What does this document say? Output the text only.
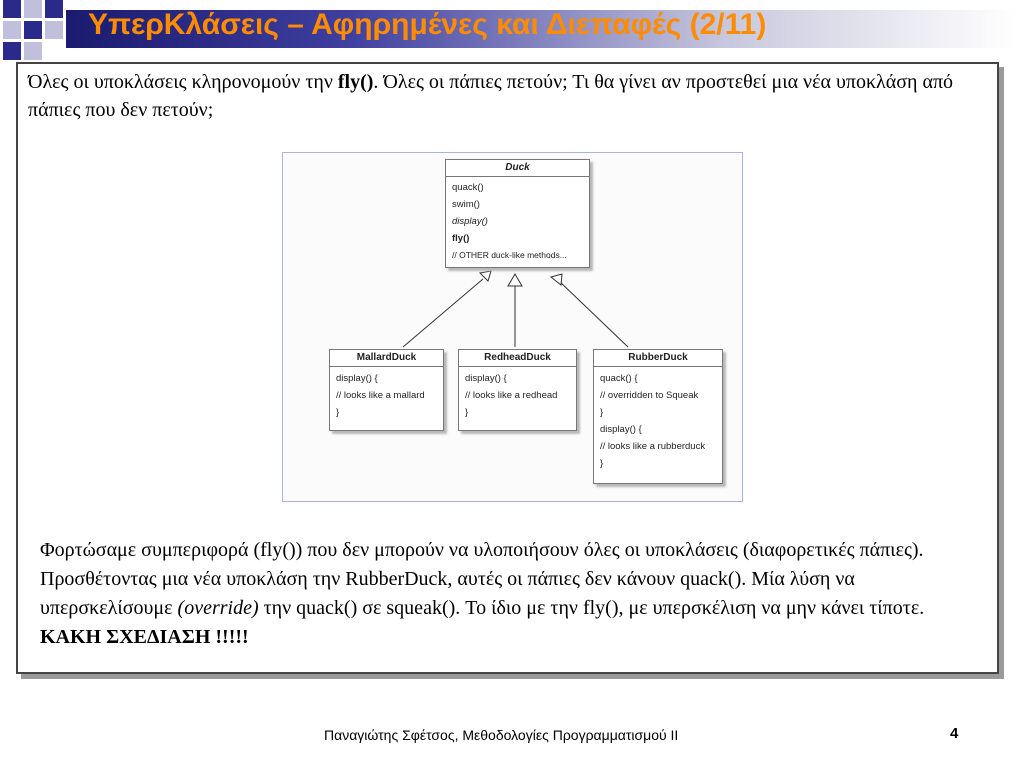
ΥπερΚλάσεις – Αφηρημένες και Διεπαφές (2/11)
Όλες οι υποκλάσεις κληρονομούν την fly(). Όλες οι πάπιες πετούν; Τι θα γίνει αν προστεθεί μια νέα υποκλάση από πάπιες που δεν πετούν;
Duck
quack()
swim()
display()
fly()
// OTHER duck-like methods...
MallardDuck
display() {
// looks like a mallard
}
RedheadDuck
display() {
// looks like a redhead
}
RubberDuck
quack() {
// overridden to Squeak
}
display() {
// looks like a rubberduck
}
Φορτώσαμε συμπεριφορά (fly()) που δεν μπορούν να υλοποιήσουν όλες οι υποκλάσεις (διαφορετικές πάπιες). Προσθέτοντας μια νέα υποκλάση την RubberDuck, αυτές οι πάπιες δεν κάνουν quack(). Μία λύση να υπερσκελίσουμε (override) την quack() σε squeak(). Το ίδιο με την fly(), με υπερσκέλιση να μην κάνει τίποτε. ΚΑΚΗ ΣΧΕΔΙΑΣΗ !!!!!
Παναγιώτης Σφέτσος, Μεθοδολογίες Προγραμματισμού ΙΙ	4
